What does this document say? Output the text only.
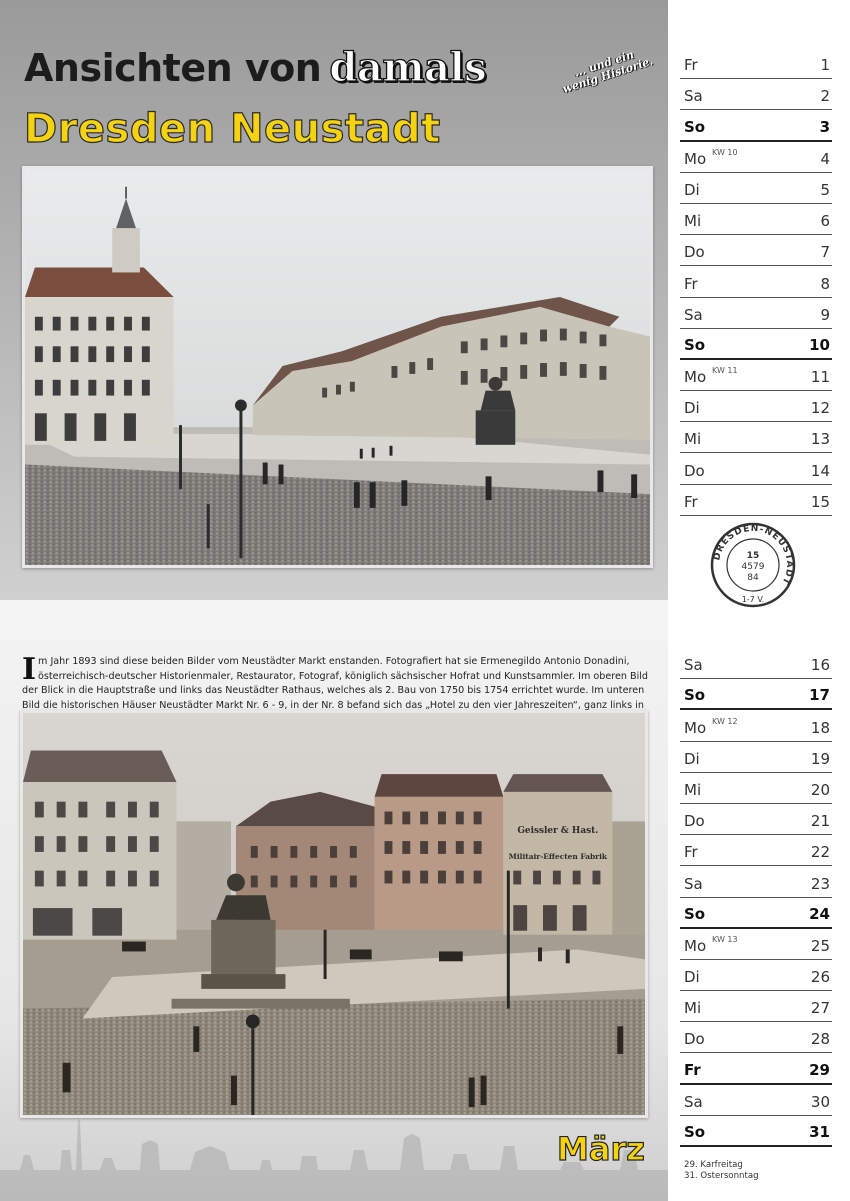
Ansichten von damals	... und ein wenig Historie.
Dresden Neustadt
Im Jahr 1893 sind diese beiden Bilder vom Neustädter Markt enstanden. Fotografiert hat sie Ermenegildo Antonio Donadini, österreichisch-deutscher Historienmaler, Restaurator, Fotograf, königlich sächsischer Hofrat und Kunstsammler. Im oberen Bild der Blick in die Hauptstraße und links das Neustädter Rathaus, welches als 2. Bau von 1750 bis 1754 errichtet wurde. Im unteren Bild die historischen Häuser Neustädter Markt Nr. 6 - 9, in der Nr. 8 befand sich das „Hotel zu den vier Jahreszeiten“, ganz links in
Geissler & Hast.
Militair-Effecten Fabrik
März
DRESDEN-NEUSTADT
15
4579
84
1-7 V.
Fr	1
Sa	2
So	3
Mo KW 10	4
Di	5
Mi	6
Do	7
Fr	8
Sa	9
So	10
Mo KW 11	11
Di	12
Mi	13
Do	14
Fr	15
Sa	16
So	17
Mo KW 12	18
Di	19
Mi	20
Do	21
Fr	22
Sa	23
So	24
Mo KW 13	25
Di	26
Mi	27
Do	28
Fr	29
Sa	30
So	31
29. Karfreitag
31. Ostersonntag
